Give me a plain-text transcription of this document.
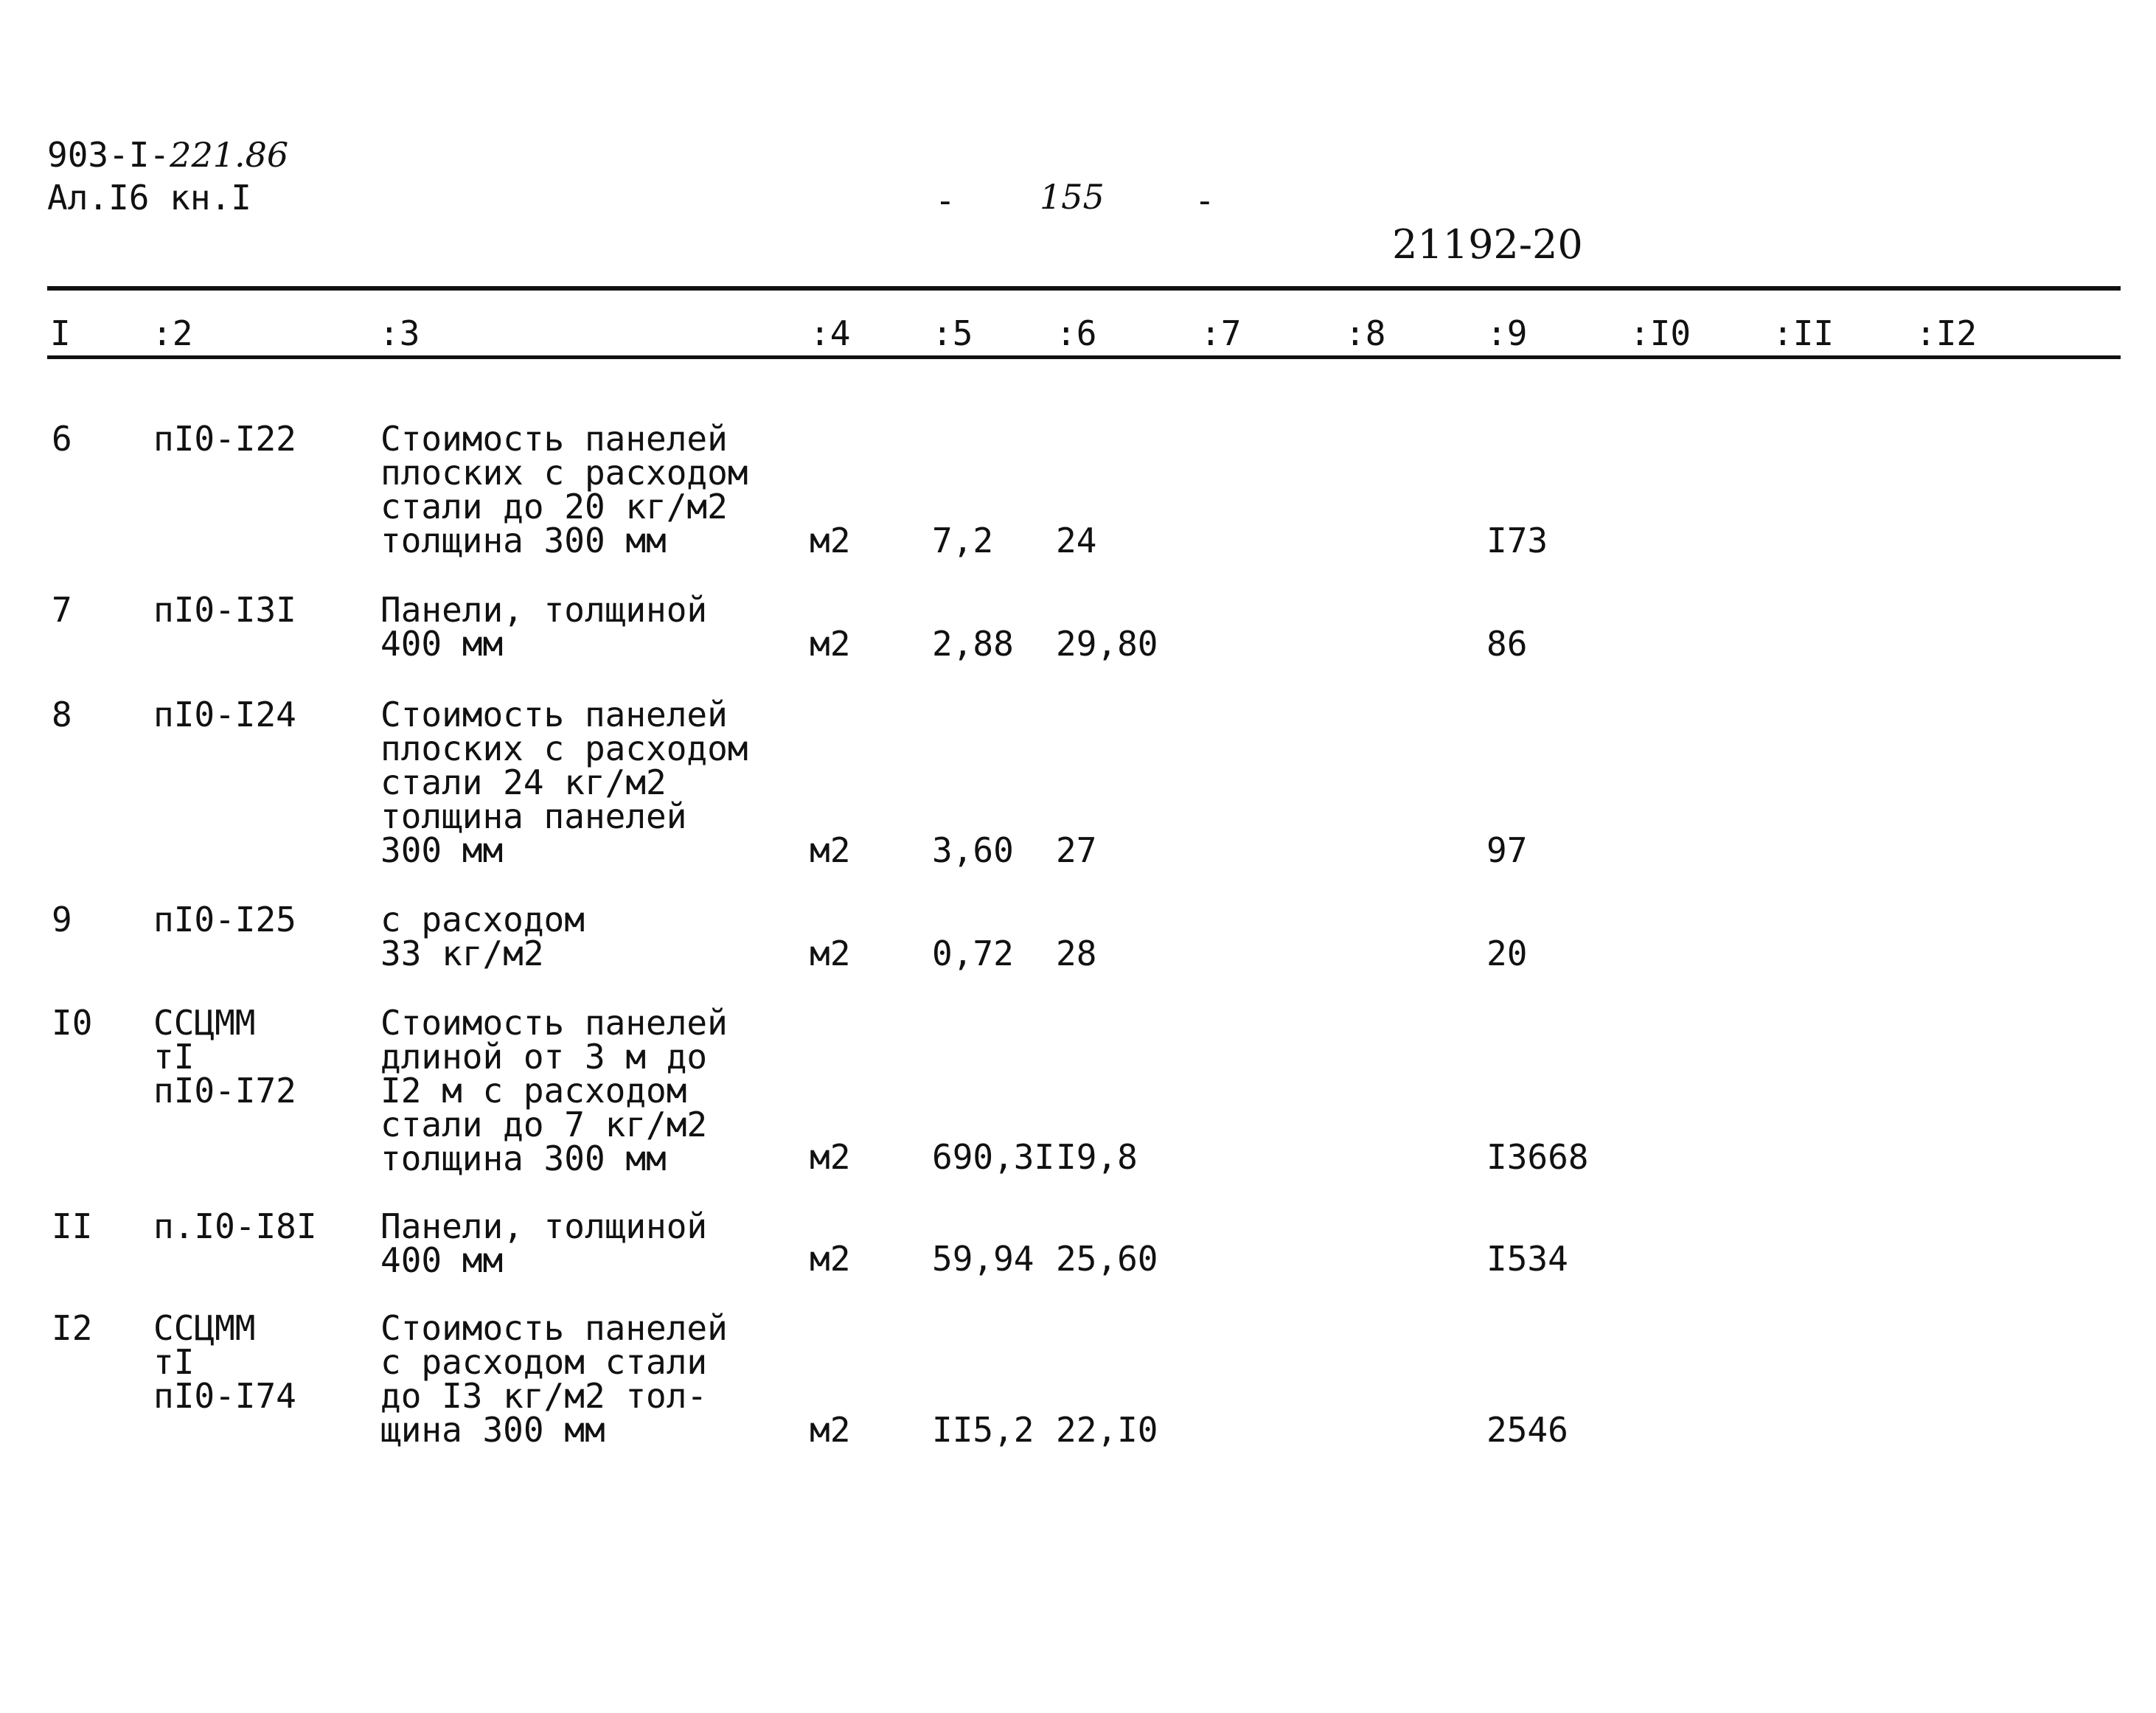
903-I-221.86
Ал.I6 кн.I	- 155	-
21192-20
I :2	:3	:4 :5 :6	:7	:8	:9	:I0 :II :I2
6 пI0-I22 Стоимость панелей
плоских с расходом
стали до 20 кг/м2
толщина 300 мм	м2 7,2 24	I73
7 пI0-I3I Панели, толщиной
400 мм	м2 2,88 29,80	86
8 пI0-I24 Стоимость панелей
плоских с расходом
стали 24 кг/м2
толщина панелей
300 мм	м2 3,60 27	97
9 пI0-I25 с расходом
33 кг/м2	м2 0,72 28	20
I0 ССЦММ
тI
пI0-I72
Стоимость панелей
длиной от 3 м до
I2 м с расходом
стали до 7 кг/м2
толщина 300 мм	м2 690,3I I9,8	I3668
II п.I0-I8I Панели, толщиной
400 мм	м2 59,94 25,60	I534
I2 ССЦММ
тI
пI0-I74
Стоимость панелей
с расходом стали
до I3 кг/м2 тол-
щина 300 мм	м2 II5,2 22,I0	2546
